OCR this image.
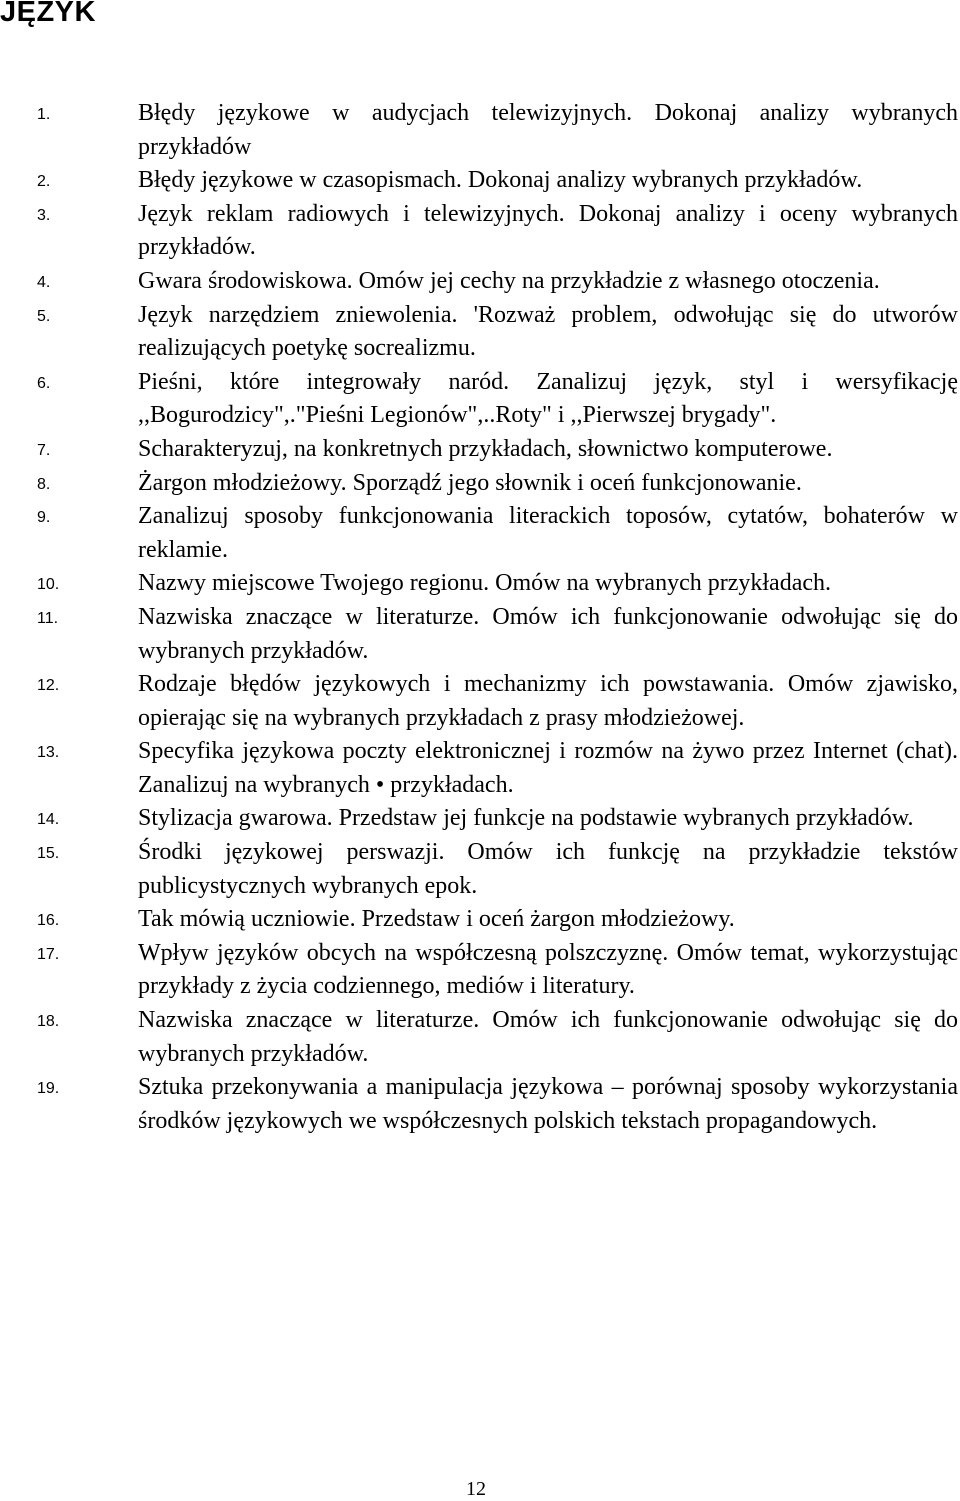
JĘZYK
1.	Błędy językowe w audycjach telewizyjnych. Dokonaj analizy wybranych przykładów
2.	Błędy językowe w czasopismach. Dokonaj analizy wybranych przykładów.
3.	Język reklam radiowych i telewizyjnych. Dokonaj analizy i oceny wybranych przykładów.
4.	Gwara środowiskowa. Omów jej cechy na przykładzie z własnego otoczenia.
5.	Język narzędziem zniewolenia. 'Rozważ problem, odwołując się do utworów realizujących poetykę socrealizmu.
6.	Pieśni, które integrowały naród. Zanalizuj język, styl i wersyfikację ,,Bogurodzicy",."Pieśni Legionów",..Roty" i ,,Pierwszej brygady".
7.	Scharakteryzuj, na konkretnych przykładach, słownictwo komputerowe.
8.	Żargon młodzieżowy. Sporządź jego słownik i oceń funkcjonowanie.
9.	Zanalizuj sposoby funkcjonowania literackich toposów, cytatów, bohaterów w reklamie.
10.	Nazwy miejscowe Twojego regionu. Omów na wybranych przykładach.
11.	Nazwiska znaczące w literaturze. Omów ich funkcjonowanie odwołując się do wybranych przykładów.
12.	Rodzaje błędów językowych i mechanizmy ich powstawania. Omów zjawisko, opierając się na wybranych przykładach z prasy młodzieżowej.
13.	Specyfika językowa poczty elektronicznej i rozmów na żywo przez Internet (chat). Zanalizuj na wybranych • przykładach.
14.	Stylizacja gwarowa. Przedstaw jej funkcje na podstawie wybranych przykładów.
15.	Środki językowej perswazji. Omów ich funkcję na przykładzie tekstów publicystycznych wybranych epok.
16.	Tak mówią uczniowie. Przedstaw i oceń żargon młodzieżowy.
17.	Wpływ języków obcych na współczesną polszczyznę. Omów temat, wykorzystując przykłady z życia codziennego, mediów i literatury.
18.	Nazwiska znaczące w literaturze. Omów ich funkcjonowanie odwołując się do wybranych przykładów.
19.	Sztuka przekonywania a manipulacja językowa – porównaj sposoby wykorzystania środków językowych we współczesnych polskich tekstach propagandowych.
12
